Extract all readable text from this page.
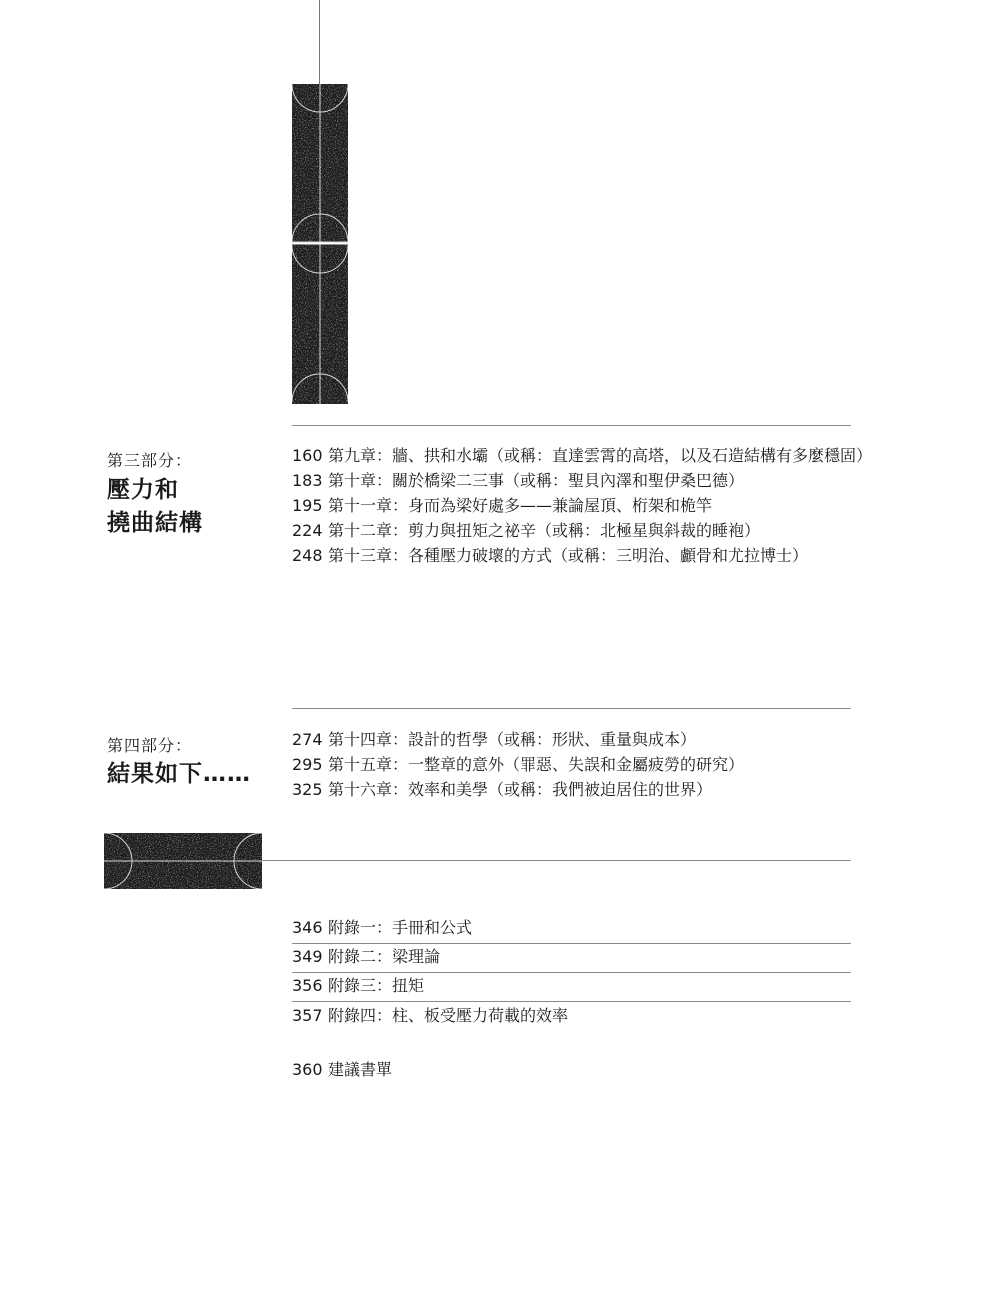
第三部分：
壓力和
撓曲結構
160 第九章：牆、拱和水壩（或稱：直達雲霄的高塔，以及石造結構有多麼穩固）
183 第十章：關於橋梁二三事（或稱：聖貝內澤和聖伊桑巴德）
195 第十一章：身而為梁好處多——兼論屋頂、桁架和桅竿
224 第十二章：剪力與扭矩之祕辛（或稱：北極星與斜裁的睡袍）
248 第十三章：各種壓力破壞的方式（或稱：三明治、顱骨和尤拉博士）
第四部分：
結果如下……
274 第十四章：設計的哲學（或稱：形狀、重量與成本）
295 第十五章：一整章的意外（罪惡、失誤和金屬疲勞的研究）
325 第十六章：效率和美學（或稱：我們被迫居住的世界）
346 附錄一：手冊和公式
349 附錄二：梁理論
356 附錄三：扭矩
357 附錄四：柱、板受壓力荷載的效率
360 建議書單
